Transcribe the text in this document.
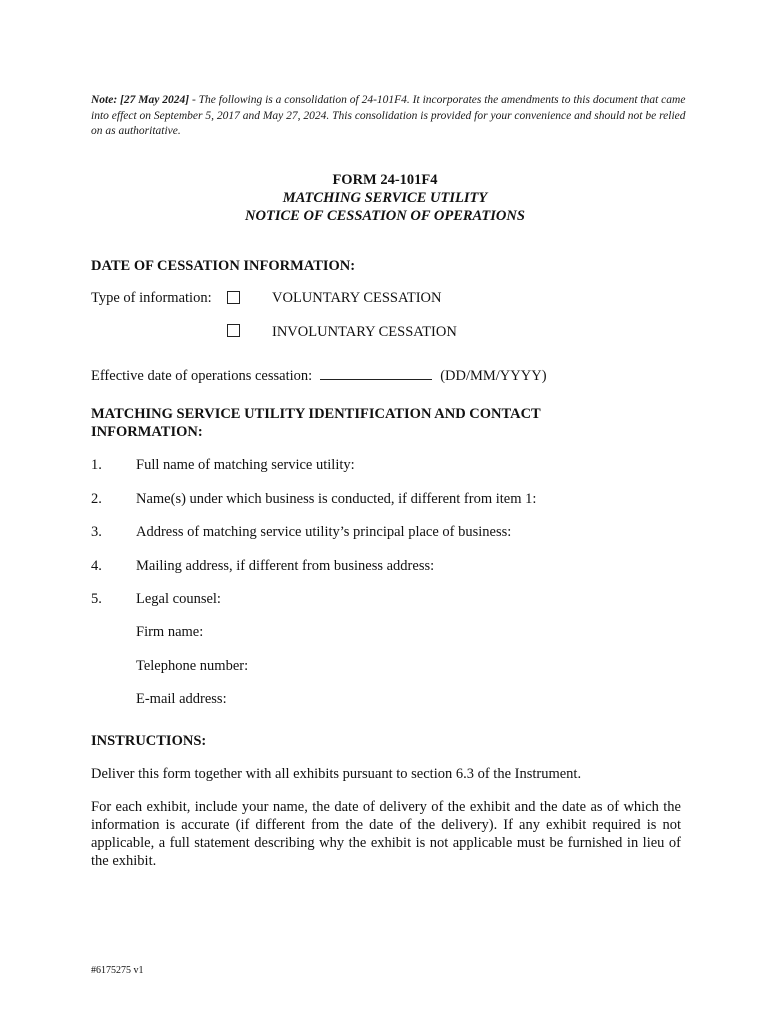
Note: [27 May 2024] - The following is a consolidation of 24-101F4. It incorporates the amendments to this document that came into effect on September 5, 2017 and May 27, 2024. This consolidation is provided for your convenience and should not be relied on as authoritative.
FORM 24-101F4
MATCHING SERVICE UTILITY
NOTICE OF CESSATION OF OPERATIONS
DATE OF CESSATION INFORMATION:
Type of information:	VOLUNTARY CESSATION
INVOLUNTARY CESSATION
Effective date of operations cessation:	(DD/MM/YYYY)
MATCHING SERVICE UTILITY IDENTIFICATION AND CONTACT INFORMATION:
1. Full name of matching service utility:
2. Name(s) under which business is conducted, if different from item 1:
3. Address of matching service utility’s principal place of business:
4. Mailing address, if different from business address:
5. Legal counsel:
Firm name:
Telephone number:
E-mail address:
INSTRUCTIONS:
Deliver this form together with all exhibits pursuant to section 6.3 of the Instrument.
For each exhibit, include your name, the date of delivery of the exhibit and the date as of which the information is accurate (if different from the date of the delivery). If any exhibit required is not applicable, a full statement describing why the exhibit is not applicable must be furnished in lieu of the exhibit.
#6175275 v1
